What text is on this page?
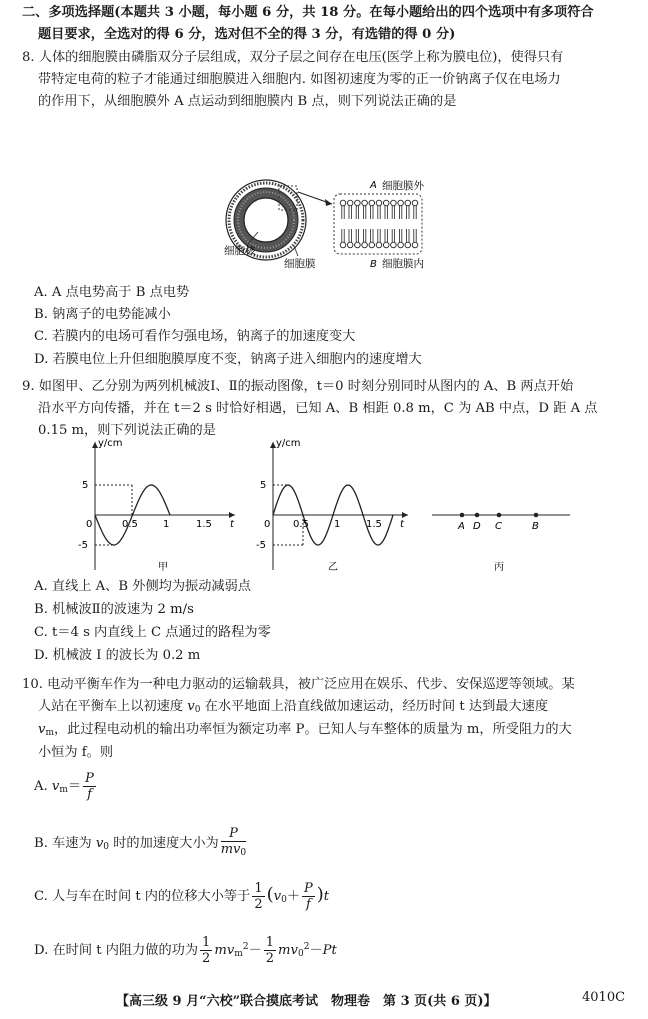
二、多项选择题(本题共 3 小题，每小题 6 分，共 18 分。在每小题给出的四个选项中有多项符合
题目要求，全选对的得 6 分，选对但不全的得 3 分，有选错的得 0 分)
8. 人体的细胞膜由磷脂双分子层组成，双分子层之间存在电压(医学上称为膜电位)，使得只有
带特定电荷的粒子才能通过细胞膜进入细胞内. 如图初速度为零的正一价钠离子仅在电场力
的作用下，从细胞膜外 A 点运动到细胞膜内 B 点，则下列说法正确的是
A 细胞膜外
B 细胞膜内
细胞核
细胞膜
A. A 点电势高于 B 点电势
B. 钠离子的电势能减小
C. 若膜内的电场可看作匀强电场，钠离子的加速度变大
D. 若膜电位上升但细胞膜厚度不变，钠离子进入细胞内的速度增大
9. 如图甲、乙分别为两列机械波Ⅰ、Ⅱ的振动图像，t＝0 时刻分别同时从图内的 A、B 两点开始
沿水平方向传播，并在 t＝2 s 时恰好相遇，已知 A、B 相距 0.8 m，C 为 AB 中点，D 距 A 点
0.15 m，则下列说法正确的是
y/cm
5
-5
0	0.5	1	1.5 t
甲
y/cm
5
-5
0 0.5	1	1.5 t
乙
A D C	B
丙
A. 直线上 A、B 外侧均为振动减弱点
B. 机械波Ⅱ的波速为 2 m/s
C. t＝4 s 内直线上 C 点通过的路程为零
D. 机械波 I 的波长为 0.2 m
10. 电动平衡车作为一种电力驱动的运输载具，被广泛应用在娱乐、代步、安保巡逻等领域。某
人站在平衡车上以初速度 $v_0$ 在水平地面上沿直线做加速运动，经历时间 t 达到最大速度
$v_m$，此过程电动机的输出功率恒为额定功率 P。已知人与车整体的质量为 m，所受阻力的大
小恒为 f。则
A. $v_m= \frac{P}{f}$
B. 车速为 $v_0$ 时的加速度大小为 $\frac{P}{mv_0}$
C. 人与车在时间 t 内的位移大小等于 $\frac{1}{2} (v_0+ \frac{P}{f} )t$
D. 在时间 t 内阻力做的功为 $\frac{1}{2} mv_m^2- \frac{1}{2} mv_0^2-Pt$
【高三级 9 月“六校”联合摸底考试　物理卷　第 3 页(共 6 页)】	4010C
